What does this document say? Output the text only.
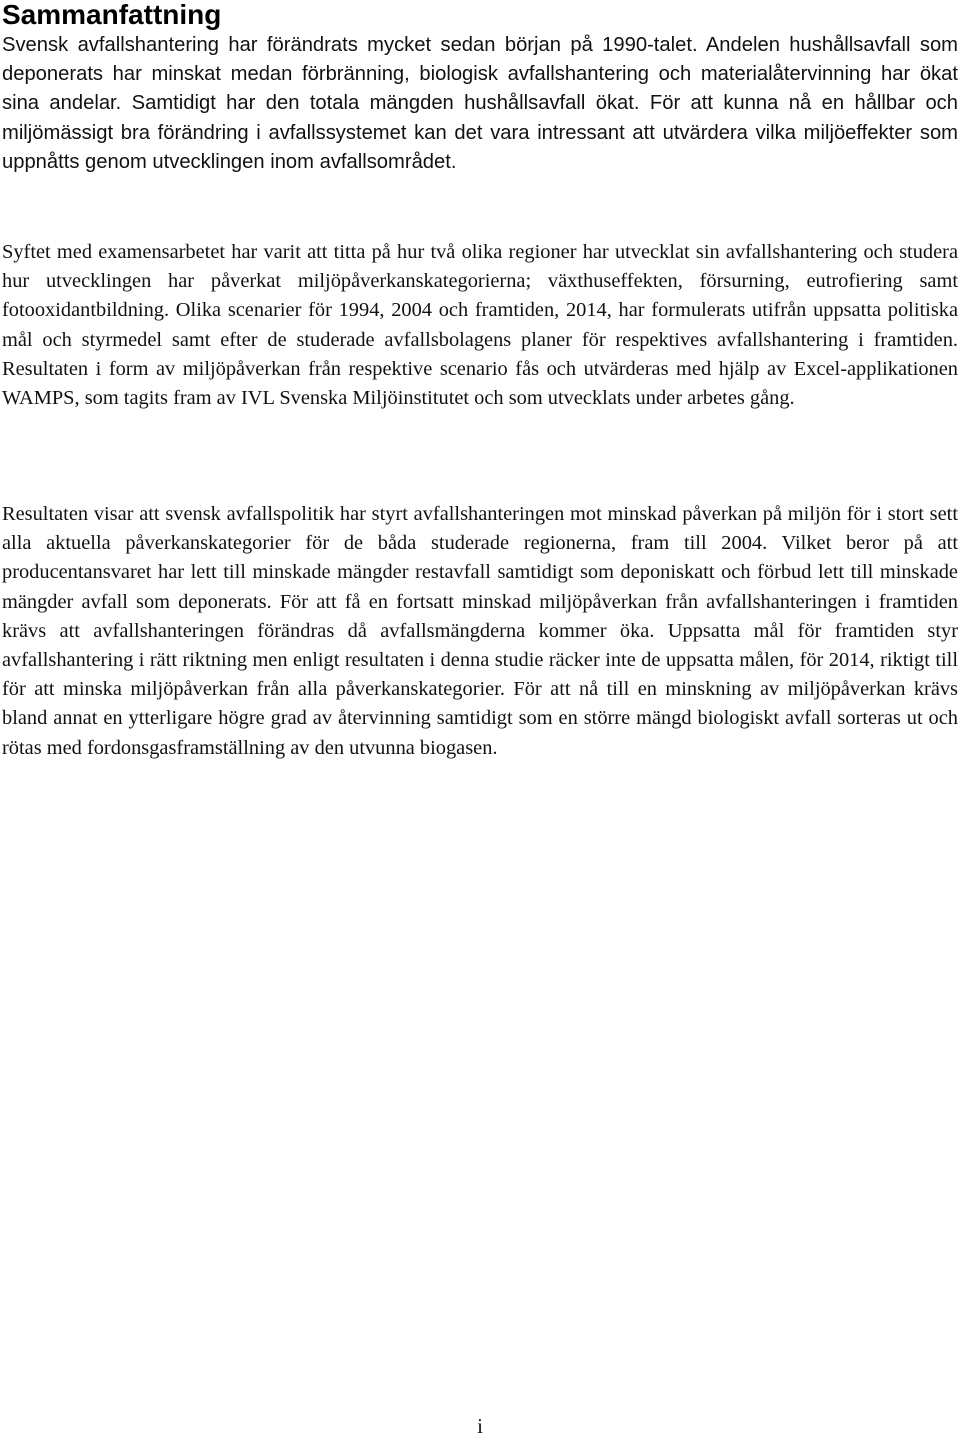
Sammanfattning

Svensk avfallshantering har förändrats mycket sedan början på 1990-talet. Andelen hushållsavfall som deponerats har minskat medan förbränning, biologisk avfallshantering och materialåtervinning har ökat sina andelar. Samtidigt har den totala mängden hushållsavfall ökat. För att kunna nå en hållbar och miljömässigt bra förändring i avfallssystemet kan det vara intressant att utvärdera vilka miljöeffekter som uppnåtts genom utvecklingen inom avfallsområdet.

Syftet med examensarbetet har varit att titta på hur två olika regioner har utvecklat sin avfallshantering och studera hur utvecklingen har påverkat miljöpåverkanskategorierna; växthuseffekten, försurning, eutrofiering samt fotooxidantbildning. Olika scenarier för 1994, 2004 och framtiden, 2014, har formulerats utifrån uppsatta politiska mål och styrmedel samt efter de studerade avfallsbolagens planer för respektives avfallshantering i framtiden. Resultaten i form av miljöpåverkan från respektive scenario fås och utvärderas med hjälp av Excel-applikationen WAMPS, som tagits fram av IVL Svenska Miljöinstitutet och som utvecklats under arbetes gång.

Resultaten visar att svensk avfallspolitik har styrt avfallshanteringen mot minskad påverkan på miljön för i stort sett alla aktuella påverkanskategorier för de båda studerade regionerna, fram till 2004. Vilket beror på att producentansvaret har lett till minskade mängder restavfall samtidigt som deponiskatt och förbud lett till minskade mängder avfall som deponerats. För att få en fortsatt minskad miljöpåverkan från avfallshanteringen i framtiden krävs att avfallshanteringen förändras då avfallsmängderna kommer öka. Uppsatta mål för framtiden styr avfallshantering i rätt riktning men enligt resultaten i denna studie räcker inte de uppsatta målen, för 2014, riktigt till för att minska miljöpåverkan från alla påverkanskategorier. För att nå till en minskning av miljöpåverkan krävs bland annat en ytterligare högre grad av återvinning samtidigt som en större mängd biologiskt avfall sorteras ut och rötas med fordonsgasframställning av den utvunna biogasen.

i
